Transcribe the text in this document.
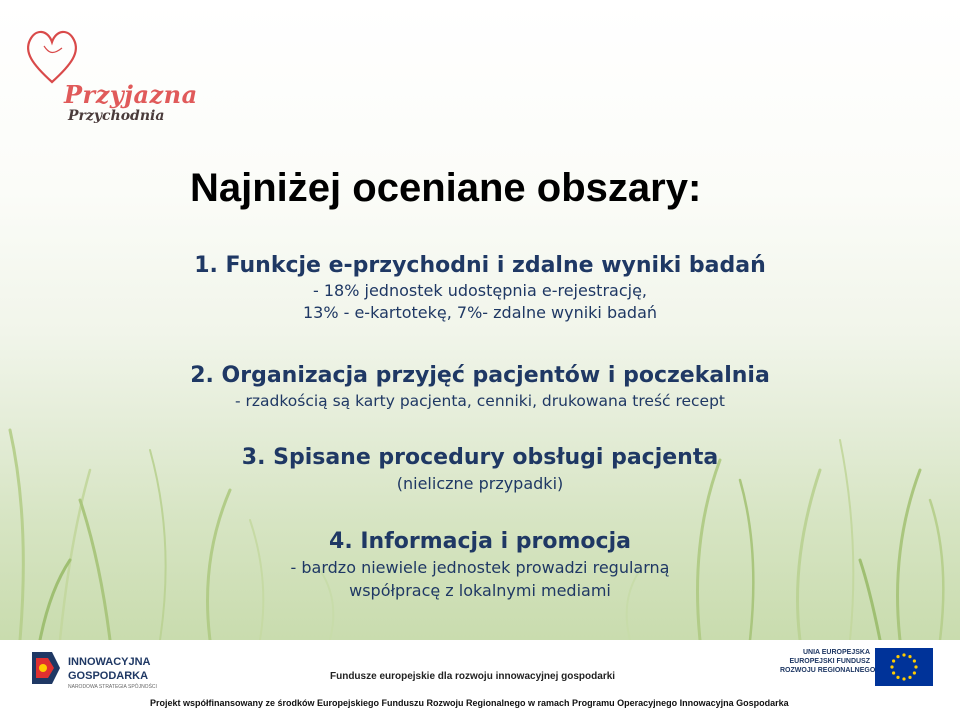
Przyjazna

Przychodnia

Najniżej oceniane obszary:
1. Funkcje e-przychodni i zdalne wyniki badań
- 18% jednostek udostępnia e-rejestrację,
13% - e-kartotekę, 7%- zdalne wyniki badań
2. Organizacja przyjęć pacjentów i poczekalnia
- rzadkością są karty pacjenta, cenniki, drukowana treść recept
3. Spisane procedury obsługi pacjenta
(nieliczne przypadki)
4. Informacja i promocja
- bardzo niewiele jednostek prowadzi regularną
współpracę z lokalnymi mediami

INNOWACYJNA

GOSPODARKA

NARODOWA STRATEGIA SPÓJNOŚCI

Fundusze europejskie dla rozwoju innowacyjnej gospodarki

UNIA EUROPEJSKA

EUROPEJSKI FUNDUSZ

ROZWOJU REGIONALNEGO

Projekt współfinansowany ze środków Europejskiego Funduszu Rozwoju Regionalnego w ramach Programu Operacyjnego Innowacyjna Gospodarka
